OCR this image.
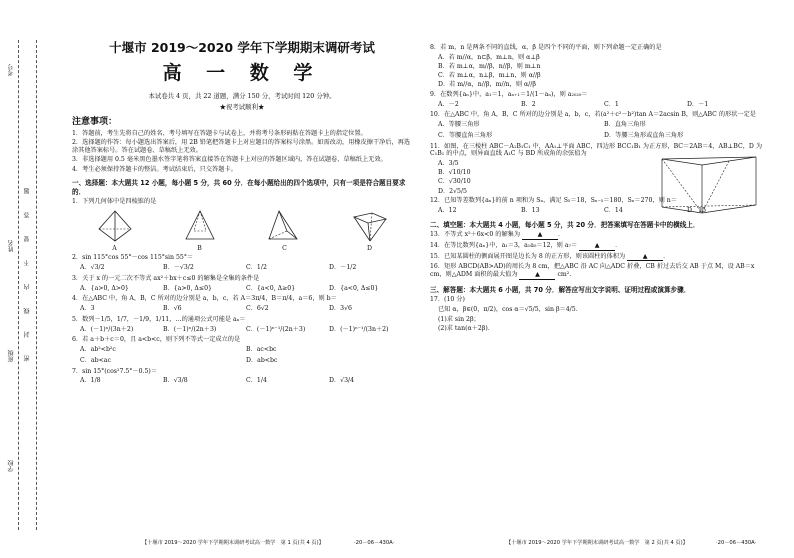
考号
姓名
班级
学校
密 封 线 内 不 要 答 题
十堰市 2019～2020 学年下学期期末调研考试
高 一 数 学
本试卷共 4 页，共 22 道题，满分 150 分，考试时间 120 分钟。
★祝考试顺利★
注意事项：

1．答题前，考生先将自己的姓名、考号填写在答题卡与试卷上，并将考号条形码粘在答题卡上的指定位置。

2．选择题的作答：每小题选出答案后，用 2B 铅笔把答题卡上对应题目的答案标号涂黑。如需改动，用橡皮擦干净后，再选涂其他答案标号。答在试题卷、草稿纸上无效。

3．非选择题用 0.5 毫米黑色墨水签字笔将答案直接答在答题卡上对应的答题区域内，答在试题卷、草稿纸上无效。

4．考生必须保持答题卡的整洁。考试结束后，只交答题卡。

一、选择题：本大题共 12 小题，每小题 5 分，共 60 分．在每小题给出的四个选项中，只有一项是符合题目要求的．
1．下列几何体中是四棱锥的是
A	B	C	D
2．sin 115°cos 55°－cos 115°sin 55°＝
A．√3/2	B．－√3/2	C．1/2	D．－1/2
3．关于 x 的一元二次不等式 ax²＋bx＋c≤0 的解集是全集的条件是
A．{a>0, Δ>0}	B．{a>0, Δ≤0}	C．{a<0, Δ≥0}	D．{a<0, Δ≤0}
4．在△ABC 中，角 A，B，C 所对的边分别是 a，b，c，若 A＝3π/4，B＝π/4，a＝6，则 b＝
A．3	B．√6	C．6√2	D．3√6
5．数列－1/5，1/7，－1/9，1/11，…的通项公式可能是 aₙ＝
A．(－1)ⁿ/(3n＋2)	B．(－1)ⁿ/(2n＋3)	C．(－1)ⁿ⁻¹/(2n＋3)	D．(－1)ⁿ⁻¹/(3n＋2)
6．若 a＋b＋c＝0，且 a<b<c，则下列不等式一定成立的是
A．ab²<b²c	B．ac<bc
C．ab<ac	D．ab<bc
7．sin 15°(cos²7.5°－0.5)＝
A．1/8	B．√3/8	C．1/4	D．√3/4
8．若 m，n 是两条不同的直线，α，β 是四个不同的平面，则下列命题一定正确的是
A．若 m//α，n⊂β，m⊥n，则 α⊥β
B．若 m⊥α，m//β，n//β，则 m⊥n
C．若 m⊥α，n⊥β，m⊥n，则 α//β
D．若 m//α，n//β，m//n，则 α//β
9．在数列{aₙ}中，a₁＝1，aₙ₊₁＝1/(1－aₙ)，则 a₂₀₂₀＝
A．－2	B．2	C．1	D．－1
10．在△ABC 中，角 A，B，C 所对的边分别是 a，b，c，若(a²＋c²－b²)tan A＝2acsin B，则△ABC 的形状一定是
A．等腰三角形	B．直角三角形
C．等腰直角三角形	D．等腰三角形或直角三角形
11．如图，在三棱柱 ABC－A₁B₁C₁ 中，AA₁⊥平面 ABC，四边形 BCC₁B₁ 为正方形，BC＝2AB＝4，AB⊥BC，D 为 C₁B₁ 的中点，则异面直线 A₁C 与 BD 所成角的余弦值为
A．3/5
B．√10/10
C．√30/10
D．2√5/5
12．已知等差数列{aₙ}的前 n 项和为 Sₙ，满足 S₅＝18，Sₙ₋₅＝180，Sₙ＝270，则 n＝
A．12	B．13	C．14	D．15
二、填空题：本大题共 4 小题，每小题 5 分，共 20 分．把答案填写在答题卡中的横线上．
13．不等式 x²＋6x<0 的解集为	▲	．
14．在等比数列{aₙ}中，a₁＝3，a₁a₅＝12，则 a₇＝	▲	．
15．已知某圆柱的侧面展开图是边长为 8 的正方形，则该圆柱的体积为	▲	．
16．矩形 ABCD(AB>AD)的周长为 8 cm，把△ABC 沿 AC 向△ADC 折叠，CB 折过去后交 AB 于点 M，设 AB＝x cm，则△ADM 面积的最大值为	▲	cm².
三、解答题：本大题共 6 小题，共 70 分．解答应写出文字说明、证明过程或演算步骤．
17．(10 分)
已知 α，β∈(0，π/2)，cos α＝√5/5，sin β＝4/5．
(1)求 sin 2β；
(2)求 tan(α＋2β)．
【十堰市 2019～2020 学年下学期期末调研考试高一数学　第 1 页(共 4 页)】	·20－06－430A·	【十堰市 2019～2020 学年下学期期末调研考试高一数学　第 2 页(共 4 页)】	·20－06－430A·
